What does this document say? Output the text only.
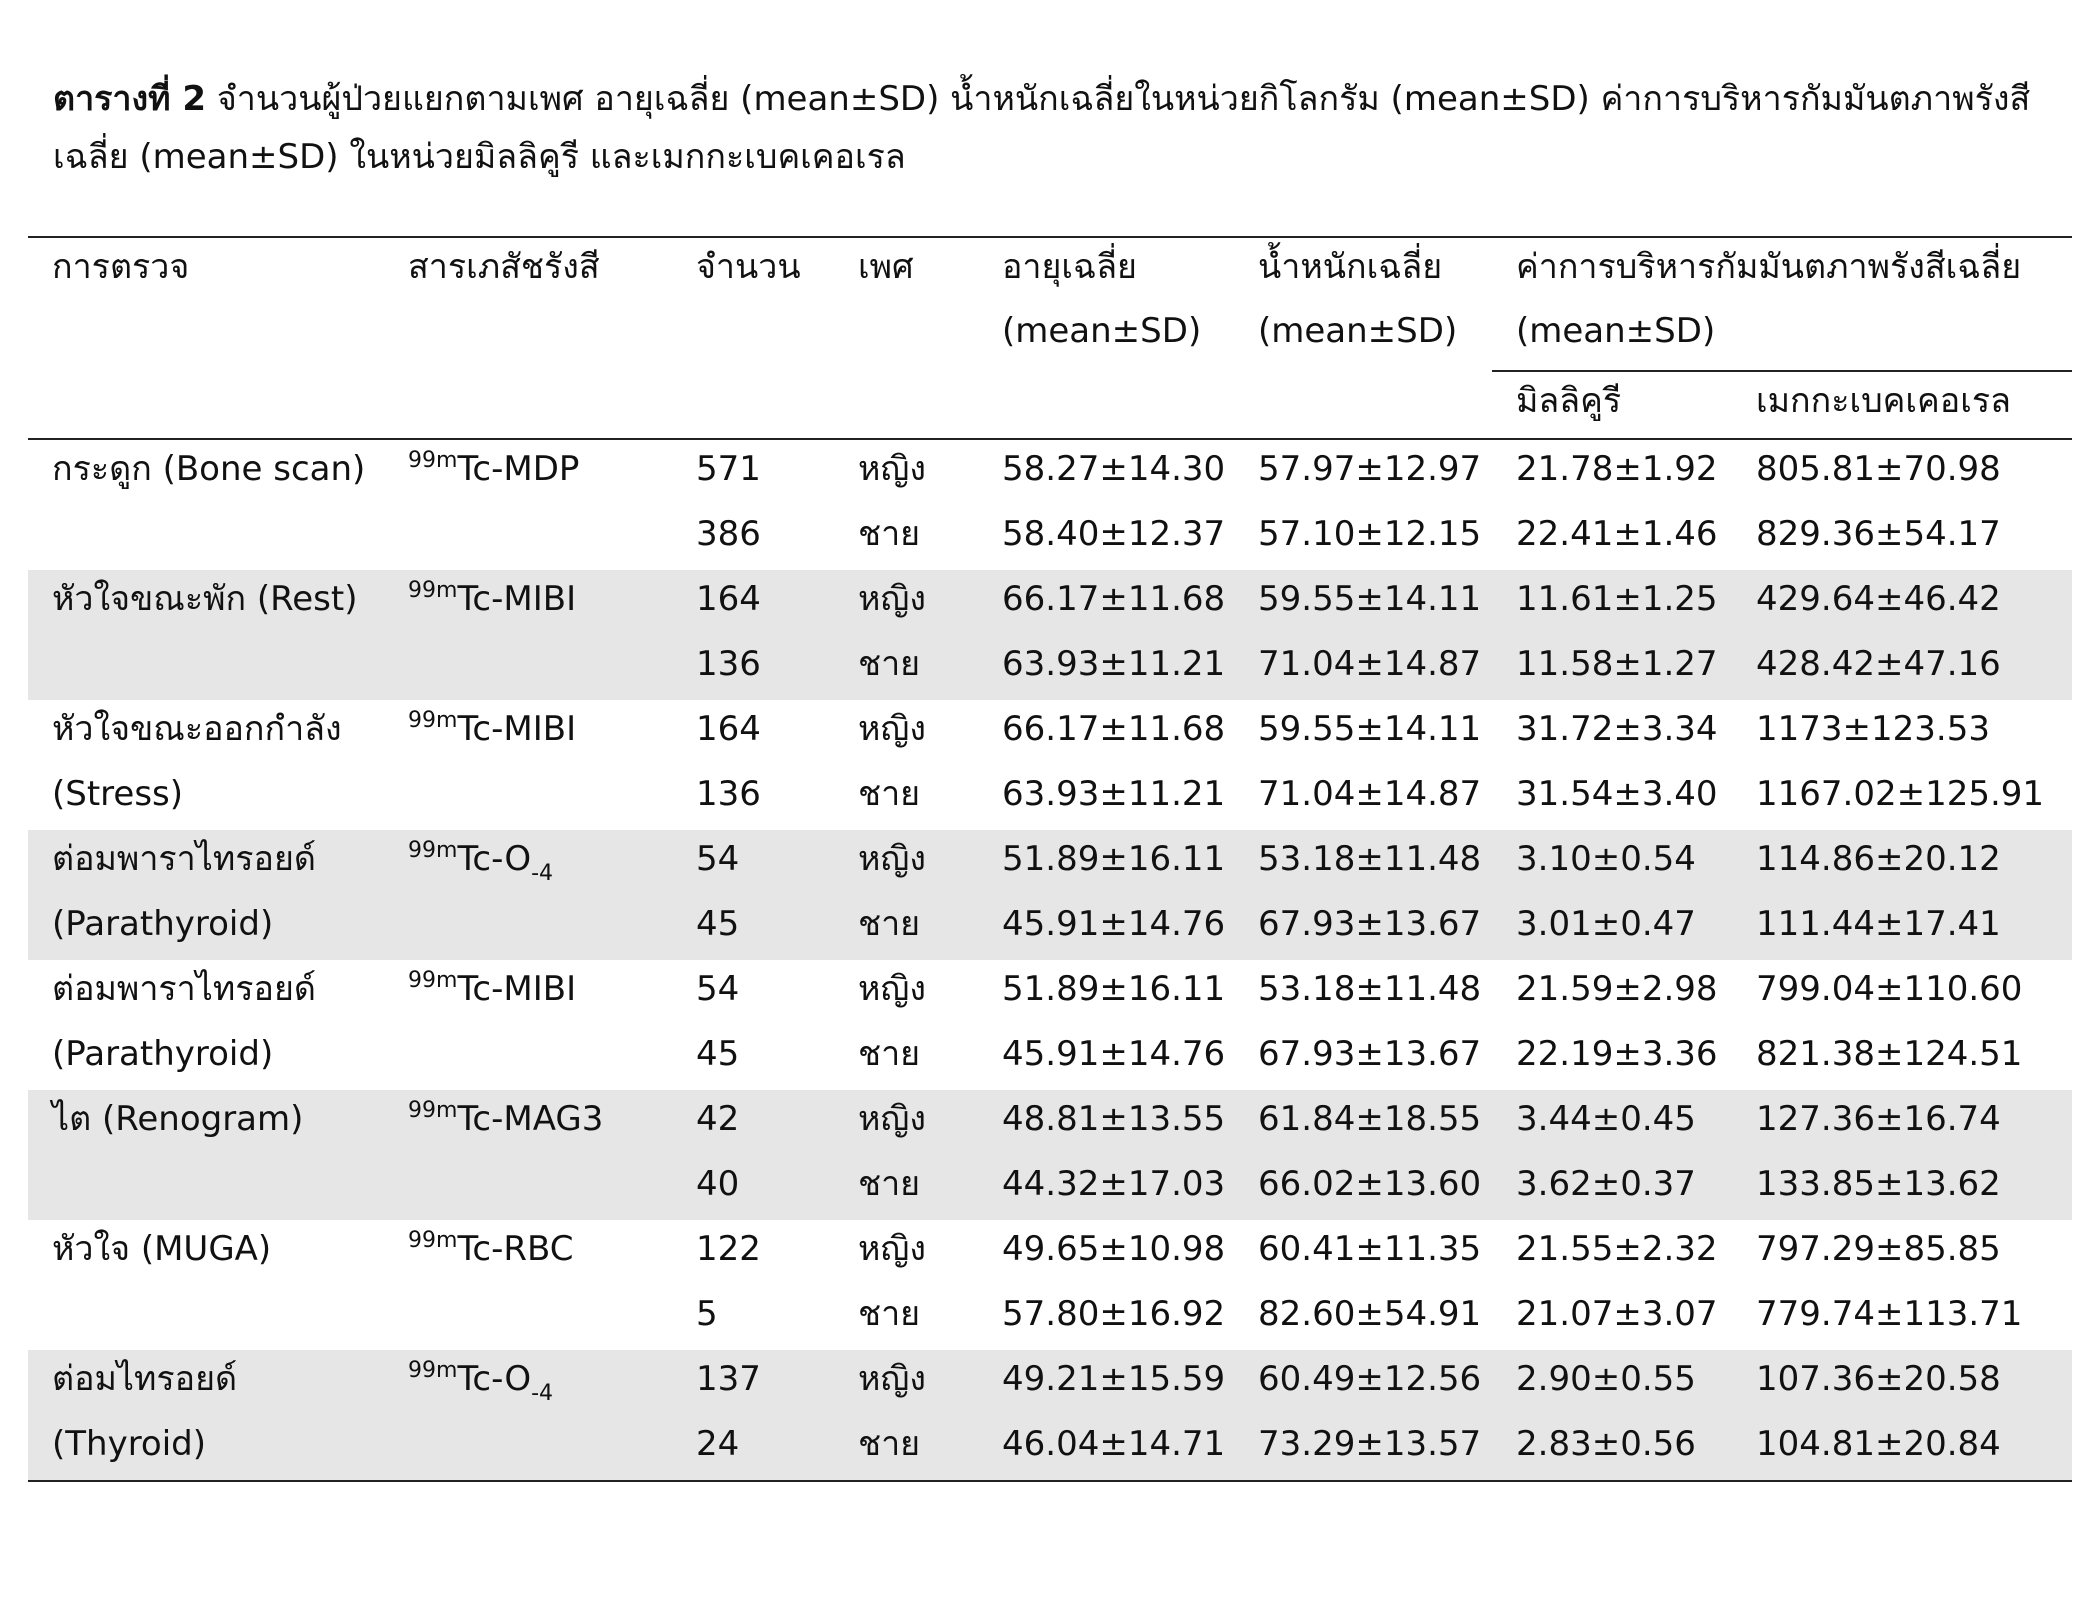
ตารางที่ 2 จำนวนผู้ป่วยแยกตามเพศ อายุเฉลี่ย (mean±SD) น้ำหนักเฉลี่ยในหน่วยกิโลกรัม (mean±SD) ค่าการบริหารกัมมันตภาพรังสีเฉลี่ย (mean±SD) ในหน่วยมิลลิคูรี และเมกกะเบคเคอเรล
การตรวจ	สารเภสัชรังสี	จำนวน	เพศ	อายุเฉลี่ย	น้ำหนักเฉลี่ย	ค่าการบริหารกัมมันตภาพรังสีเฉลี่ย	
				(mean±SD)	(mean±SD)	(mean±SD)	
						มิลลิคูรี	เมกกะเบคเคอเรล
กระดูก (Bone scan)	$^{99m}$Tc-MDP	571	หญิง	58.27±14.30	57.97±12.97	21.78±1.92	805.81±70.98
		386	ชาย	58.40±12.37	57.10±12.15	22.41±1.46	829.36±54.17
หัวใจขณะพัก (Rest)	$^{99m}$Tc-MIBI	164	หญิง	66.17±11.68	59.55±14.11	11.61±1.25	429.64±46.42
		136	ชาย	63.93±11.21	71.04±14.87	11.58±1.27	428.42±47.16
หัวใจขณะออกกำลัง	$^{99m}$Tc-MIBI	164	หญิง	66.17±11.68	59.55±14.11	31.72±3.34	1173±123.53
(Stress)		136	ชาย	63.93±11.21	71.04±14.87	31.54±3.40	1167.02±125.91
ต่อมพาราไทรอยด์	$^{99m}Tc-O_{-4}$	54	หญิง	51.89±16.11	53.18±11.48	3.10±0.54	114.86±20.12
(Parathyroid)		45	ชาย	45.91±14.76	67.93±13.67	3.01±0.47	111.44±17.41
ต่อมพาราไทรอยด์	$^{99m}$Tc-MIBI	54	หญิง	51.89±16.11	53.18±11.48	21.59±2.98	799.04±110.60
(Parathyroid)		45	ชาย	45.91±14.76	67.93±13.67	22.19±3.36	821.38±124.51
ไต (Renogram)	$^{99m}$Tc-MAG3	42	หญิง	48.81±13.55	61.84±18.55	3.44±0.45	127.36±16.74
		40	ชาย	44.32±17.03	66.02±13.60	3.62±0.37	133.85±13.62
หัวใจ (MUGA)	$^{99m}$Tc-RBC	122	หญิง	49.65±10.98	60.41±11.35	21.55±2.32	797.29±85.85
		5	ชาย	57.80±16.92	82.60±54.91	21.07±3.07	779.74±113.71
ต่อมไทรอยด์	$^{99m}Tc-O_{-4}$	137	หญิง	49.21±15.59	60.49±12.56	2.90±0.55	107.36±20.58
(Thyroid)		24	ชาย	46.04±14.71	73.29±13.57	2.83±0.56	104.81±20.84
